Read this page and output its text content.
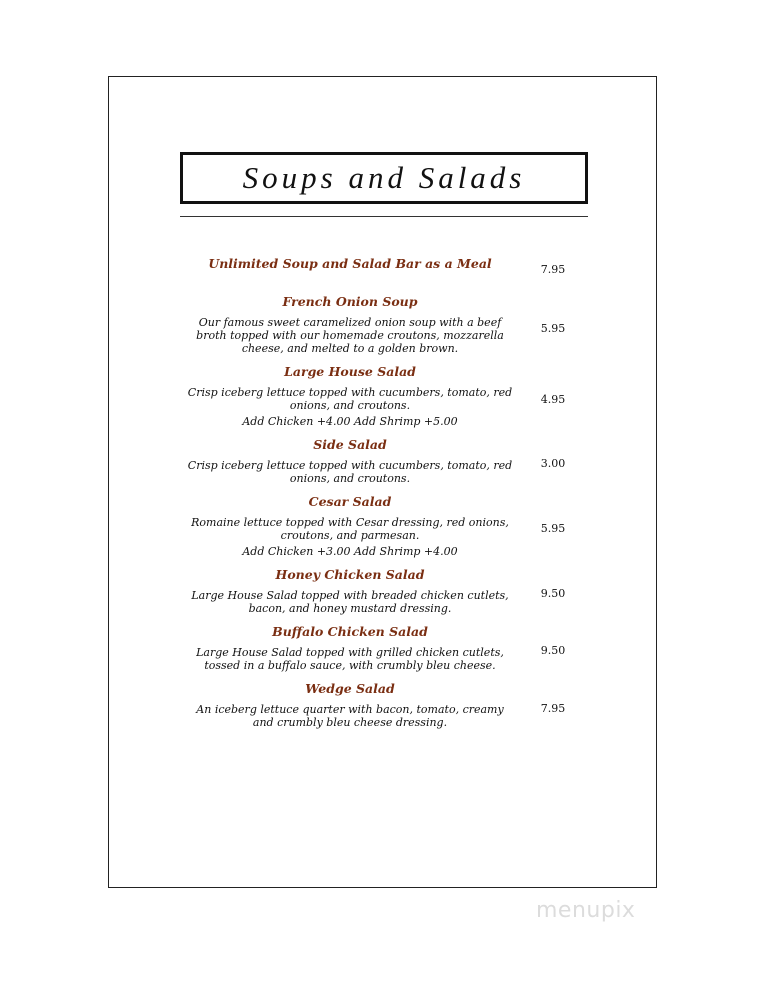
Soups and Salads
Unlimited Soup and Salad Bar as a Meal	7.95
French Onion Soup
Our famous sweet caramelized onion soup with a beef broth topped with our homemade croutons, mozzarella cheese, and melted to a golden brown.
5.95
Large House Salad
Crisp iceberg lettuce topped with cucumbers, tomato, red onions, and croutons.
Add Chicken +4.00 Add Shrimp +5.00
4.95
Side Salad
Crisp iceberg lettuce topped with cucumbers, tomato, red onions, and croutons.
3.00
Cesar Salad
Romaine lettuce topped with Cesar dressing, red onions, croutons, and parmesan.
Add Chicken +3.00 Add Shrimp +4.00
5.95
Honey Chicken Salad
Large House Salad topped with breaded chicken cutlets, bacon, and honey mustard dressing.
9.50
Buffalo Chicken Salad
Large House Salad topped with grilled chicken cutlets, tossed in a buffalo sauce, with crumbly bleu cheese.
9.50
Wedge Salad
An iceberg lettuce quarter with bacon, tomato, creamy and crumbly bleu cheese dressing.
7.95
menupix
